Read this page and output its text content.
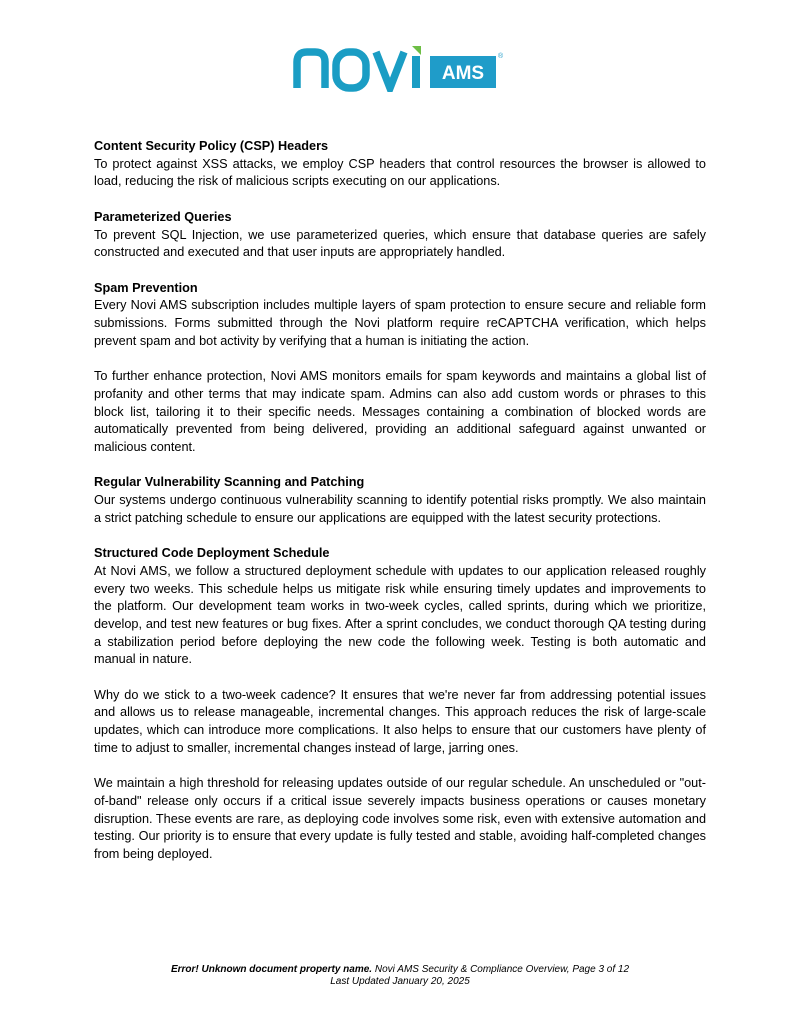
AMS
®
Content Security Policy (CSP) Headers

To protect against XSS attacks, we employ CSP headers that control resources the browser is allowed to load, reducing the risk of malicious scripts executing on our applications.

Parameterized Queries

To prevent SQL Injection, we use parameterized queries, which ensure that database queries are safely constructed and executed and that user inputs are appropriately handled.

Spam Prevention

Every Novi AMS subscription includes multiple layers of spam protection to ensure secure and reliable form submissions. Forms submitted through the Novi platform require reCAPTCHA verification, which helps prevent spam and bot activity by verifying that a human is initiating the action.

To further enhance protection, Novi AMS monitors emails for spam keywords and maintains a global list of profanity and other terms that may indicate spam. Admins can also add custom words or phrases to this block list, tailoring it to their specific needs. Messages containing a combination of blocked words are automatically prevented from being delivered, providing an additional safeguard against unwanted or malicious content.

Regular Vulnerability Scanning and Patching

Our systems undergo continuous vulnerability scanning to identify potential risks promptly. We also maintain a strict patching schedule to ensure our applications are equipped with the latest security protections.

Structured Code Deployment Schedule

At Novi AMS, we follow a structured deployment schedule with updates to our application released roughly every two weeks. This schedule helps us mitigate risk while ensuring timely updates and improvements to the platform. Our development team works in two-week cycles, called sprints, during which we prioritize, develop, and test new features or bug fixes. After a sprint concludes, we conduct thorough QA testing during a stabilization period before deploying the new code the following week. Testing is both automatic and manual in nature.

Why do we stick to a two-week cadence? It ensures that we're never far from addressing potential issues and allows us to release manageable, incremental changes. This approach reduces the risk of large-scale updates, which can introduce more complications. It also helps to ensure that our customers have plenty of time to adjust to smaller, incremental changes instead of large, jarring ones.

We maintain a high threshold for releasing updates outside of our regular schedule. An unscheduled or "out-of-band" release only occurs if a critical issue severely impacts business operations or causes monetary disruption. These events are rare, as deploying code involves some risk, even with extensive automation and testing. Our priority is to ensure that every update is fully tested and stable, avoiding half-completed changes from being deployed.

Error! Unknown document property name. Novi AMS Security & Compliance Overview, Page 3 of 12
Last Updated January 20, 2025
